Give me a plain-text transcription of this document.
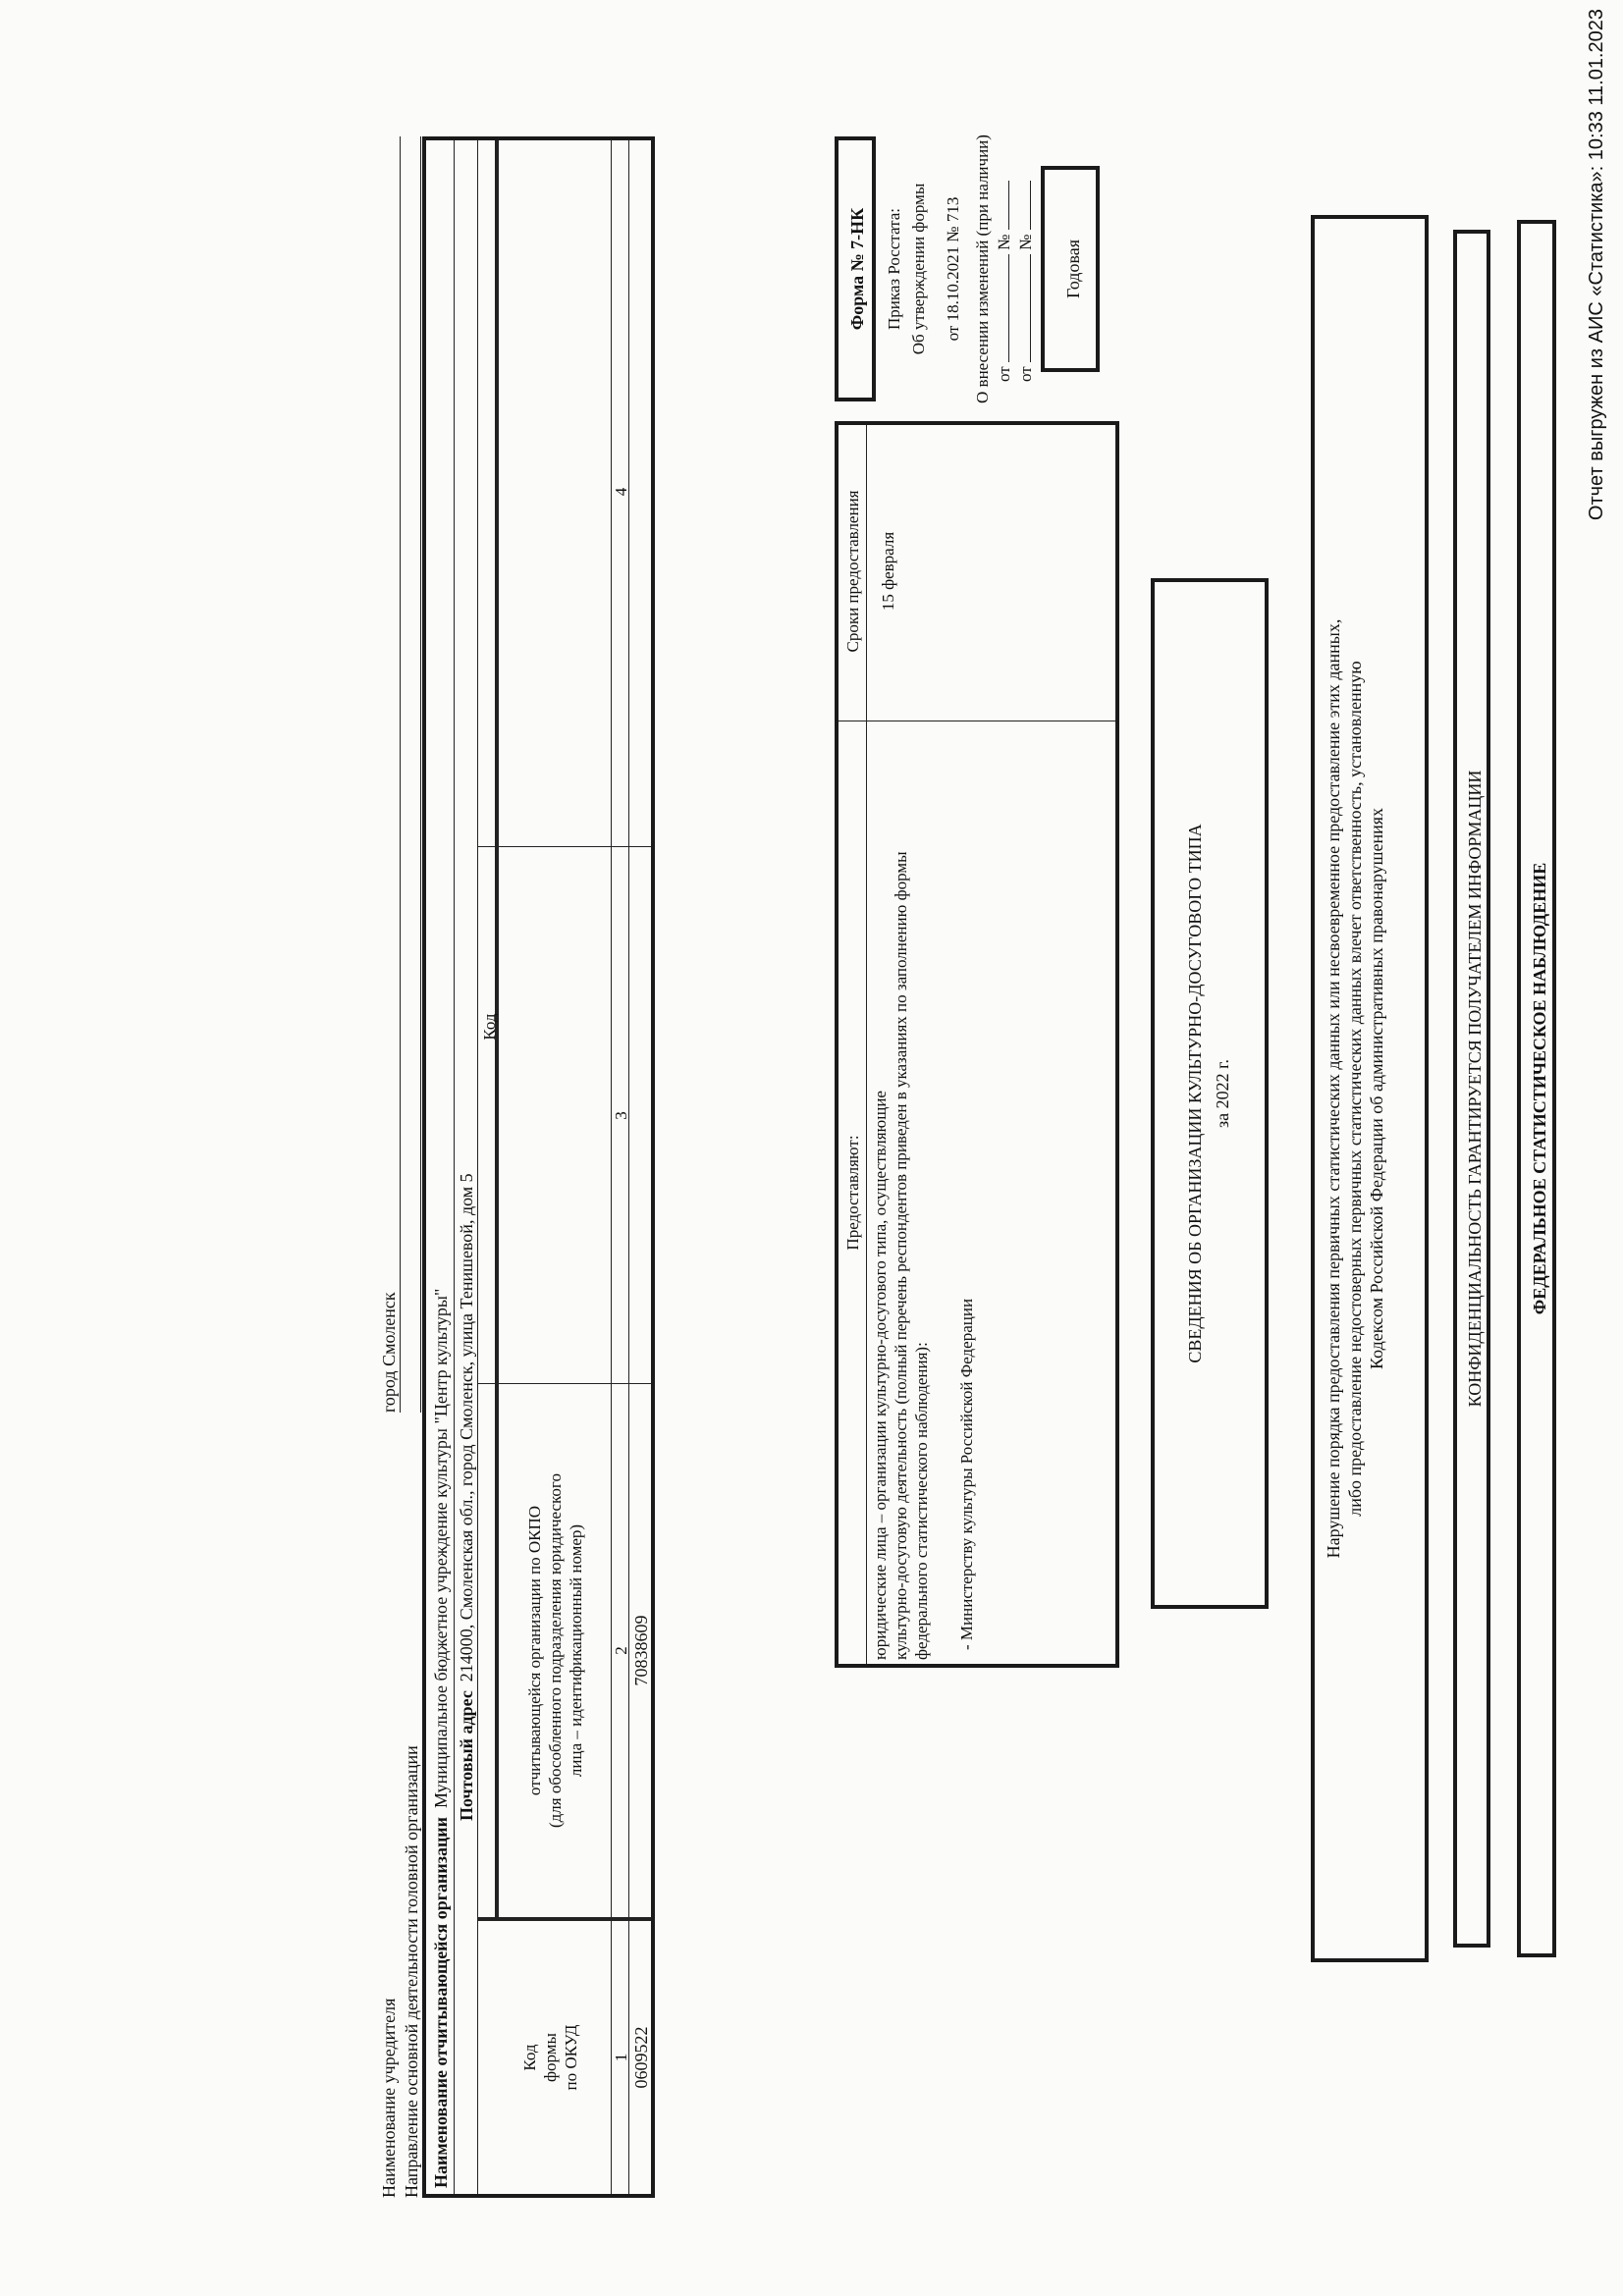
Отчет выгружен из АИС «Статистика»: 10:33 11.01.2023
ФЕДЕРАЛЬНОЕ СТАТИСТИЧЕСКОЕ НАБЛЮДЕНИЕ
КОНФИДЕНЦИАЛЬНОСТЬ ГАРАНТИРУЕТСЯ ПОЛУЧАТЕЛЕМ ИНФОРМАЦИИ
Нарушение порядка предоставления первичных статистических данных или несвоевременное предоставление этих данных, либо предоставление недостоверных первичных статистических данных влечет ответственность, установленную Кодексом Российской Федерации об административных правонарушениях
СВЕДЕНИЯ ОБ ОРГАНИЗАЦИИ КУЛЬТУРНО-ДОСУГОВОГО ТИПА за 2022 г.
Предоставляют:
Сроки предоставления
юридические лица – организации культурно-досугового типа, осуществляющие культурно-досуговую деятельность (полный перечень респондентов приведен в указаниях по заполнению формы федерального статистического наблюдения): - Министерству культуры Российской Федерации
15 февраля
Форма № 7-НК Приказ Росстата: Об утверждении формы от 18.10.2021 № 713 О внесении изменений (при наличии) от  №
от  №	Годовая
Наименование отчитывающейся организации  Муниципальное бюджетное учреждение культуры "Центр культуры" Почтовый адрес  214000, Смоленская обл., город Смоленск, улица Тенишевой, дом 5
Код формы по ОКУД
Код
отчитывающейся организации по ОКПО (для обособленного подразделения юридического лица – идентификационный номер)
1
2
3
4
0609522
70838609
Наименование учредителя
город Смоленск
Направление основной деятельности головной организации
